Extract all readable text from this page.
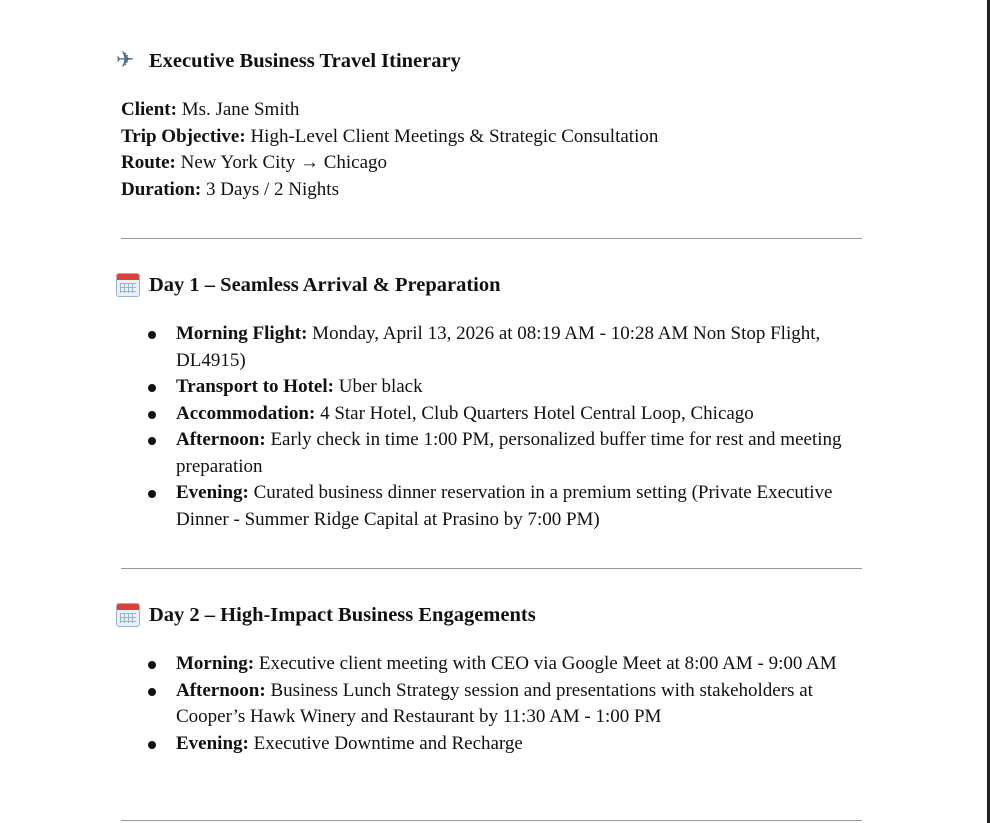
✈ Executive Business Travel Itinerary
Client: Ms. Jane Smith
Trip Objective: High-Level Client Meetings & Strategic Consultation
Route: New York City → Chicago
Duration: 3 Days / 2 Nights
Day 1 – Seamless Arrival & Preparation
Morning Flight: Monday, April 13, 2026 at 08:19 AM - 10:28 AM Non Stop Flight, DL4915)
Transport to Hotel: Uber black
Accommodation: 4 Star Hotel, Club Quarters Hotel Central Loop, Chicago
Afternoon: Early check in time 1:00 PM, personalized buffer time for rest and meeting preparation
Evening: Curated business dinner reservation in a premium setting (Private Executive Dinner - Summer Ridge Capital at Prasino by 7:00 PM)
Day 2 – High-Impact Business Engagements
Morning: Executive client meeting with CEO via Google Meet at 8:00 AM - 9:00 AM
Afternoon: Business Lunch Strategy session and presentations with stakeholders at Cooper’s Hawk Winery and Restaurant by 11:30 AM - 1:00 PM
Evening: Executive Downtime and Recharge
